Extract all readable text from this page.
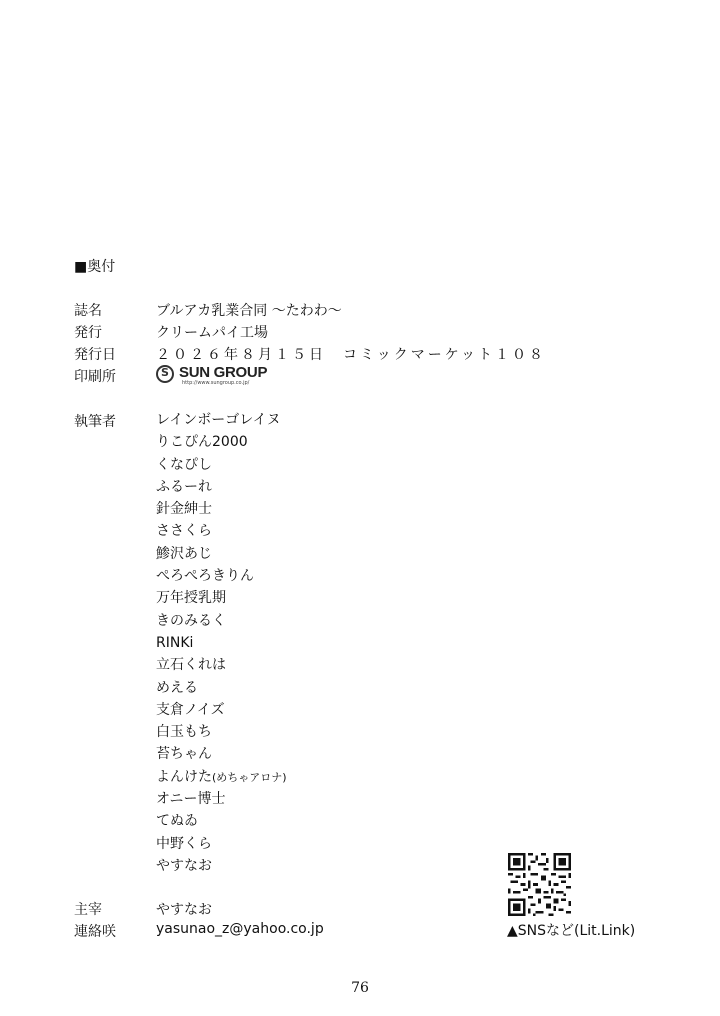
■奥付
誌名	ブルアカ乳業合同 ～たわわ～
発行	クリームパイ工場
発行日	２０２６年８月１５日　コミックマーケット１０８
印刷所	S SUN GROUP
http://www.sungroup.co.jp/
執筆者	レインボーゴレイヌ
りこぴん2000
くなぴし
ふるーれ
針金紳士
ささくら
鯵沢あじ
ぺろぺろきりん
万年授乳期
きのみるく
RINKi
立石くれは
めえる
支倉ノイズ
白玉もち
苔ちゃん
よんけた(めちゃアロナ)
オニー博士
てぬゐ
中野くら
やすなお
主宰	やすなお
連絡咲	yasunao_z@yahoo.co.jp	▲SNSなど(Lit.Link)
76
